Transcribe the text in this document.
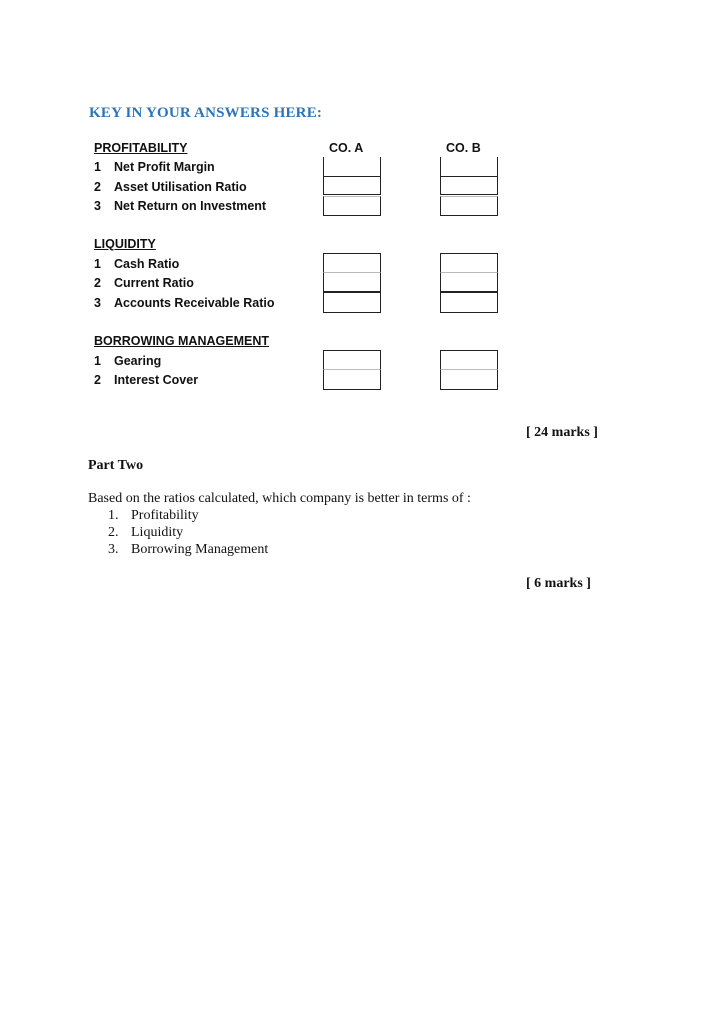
KEY IN YOUR ANSWERS HERE:
CO. A	CO. B
PROFITABILITY
1 Net Profit Margin
2 Asset Utilisation Ratio
3 Net Return on Investment
LIQUIDITY
1 Cash Ratio
2 Current Ratio
3 Accounts Receivable Ratio
BORROWING MANAGEMENT
1 Gearing
2 Interest Cover
[ 24 marks ]
Part Two
Based on the ratios calculated, which company is better in terms of :
1. Profitability
2. Liquidity
3. Borrowing Management
[ 6 marks ]
